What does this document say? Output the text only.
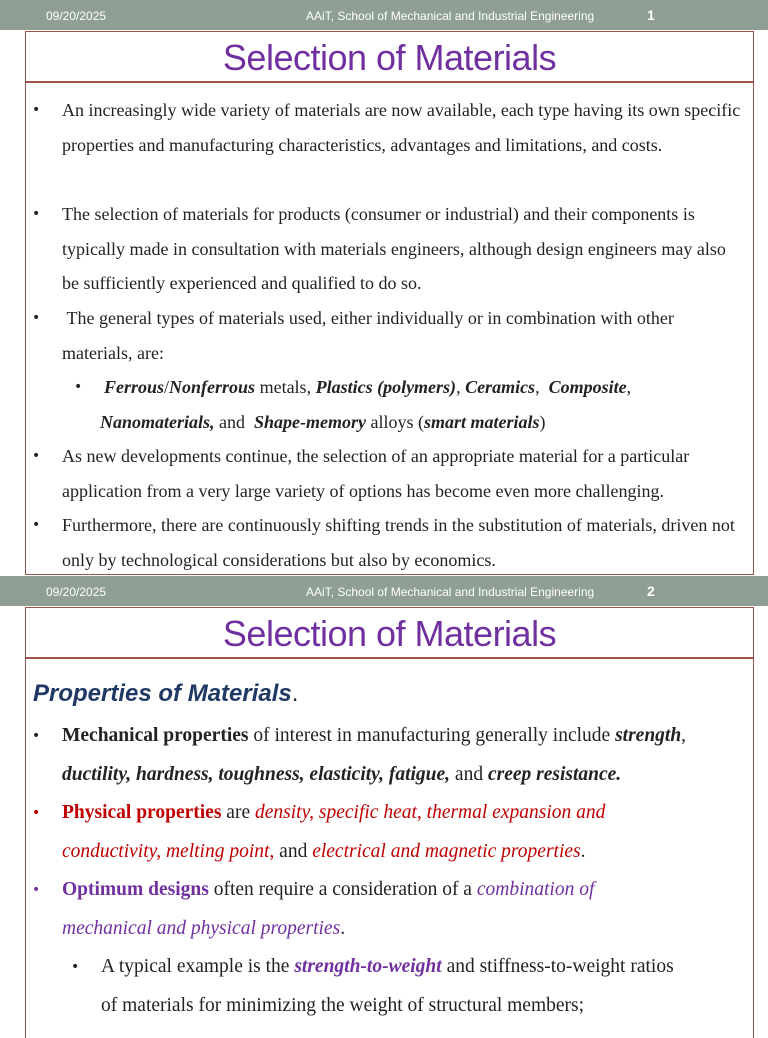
09/20/2025	AAiT, School of Mechanical and Industrial Engineering	1
Selection of Materials
• An increasingly wide variety of materials are now available, each type having its own specific properties and manufacturing characteristics, advantages and limitations, and costs.
• The selection of materials for products (consumer or industrial) and their components is typically made in consultation with materials engineers, although design engineers may also be sufficiently experienced and qualified to do so.
• The general types of materials used, either individually or in combination with other materials, are:
• Ferrous/Nonferrous metals, Plastics (polymers), Ceramics,  Composite,
Nanomaterials, and  Shape-memory alloys (smart materials)
• As new developments continue, the selection of an appropriate material for a particular application from a very large variety of options has become even more challenging.
• Furthermore, there are continuously shifting trends in the substitution of materials, driven not only by technological considerations but also by economics.
09/20/2025	AAiT, School of Mechanical and Industrial Engineering	2
Selection of Materials
Properties of Materials.
• Mechanical properties of interest in manufacturing generally include strength,
ductility, hardness, toughness, elasticity, fatigue, and creep resistance.
• Physical properties are density, specific heat, thermal expansion and
conductivity, melting point, and electrical and magnetic properties.
• Optimum designs often require a consideration of a combination of
mechanical and physical properties.
• A typical example is the strength-to-weight and stiffness-to-weight ratios
of materials for minimizing the weight of structural members;
